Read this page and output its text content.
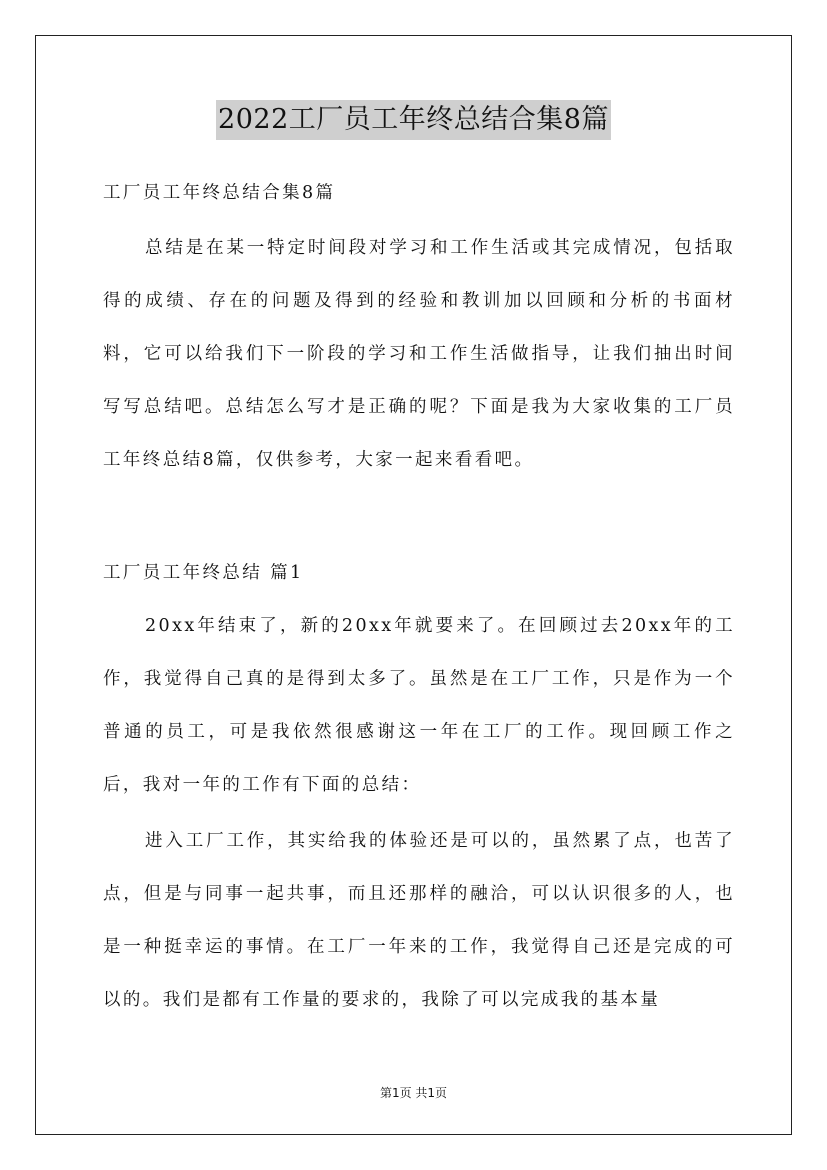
2022工厂员工年终总结合集8篇

工厂员工年终总结合集8篇

总结是在某一特定时间段对学习和工作生活或其完成情况，包括取得的成绩、存在的问题及得到的经验和教训加以回顾和分析的书面材料，它可以给我们下一阶段的学习和工作生活做指导，让我们抽出时间写写总结吧。总结怎么写才是正确的呢？下面是我为大家收集的工厂员工年终总结8篇，仅供参考，大家一起来看看吧。

工厂员工年终总结 篇1

20xx年结束了，新的20xx年就要来了。在回顾过去20xx年的工作，我觉得自己真的是得到太多了。虽然是在工厂工作，只是作为一个普通的员工，可是我依然很感谢这一年在工厂的工作。现回顾工作之后，我对一年的工作有下面的总结：

进入工厂工作，其实给我的体验还是可以的，虽然累了点，也苦了点，但是与同事一起共事，而且还那样的融洽，可以认识很多的人，也是一种挺幸运的事情。在工厂一年来的工作，我觉得自己还是完成的可以的。我们是都有工作量的要求的，我除了可以完成我的基本量

第1页 共1页
